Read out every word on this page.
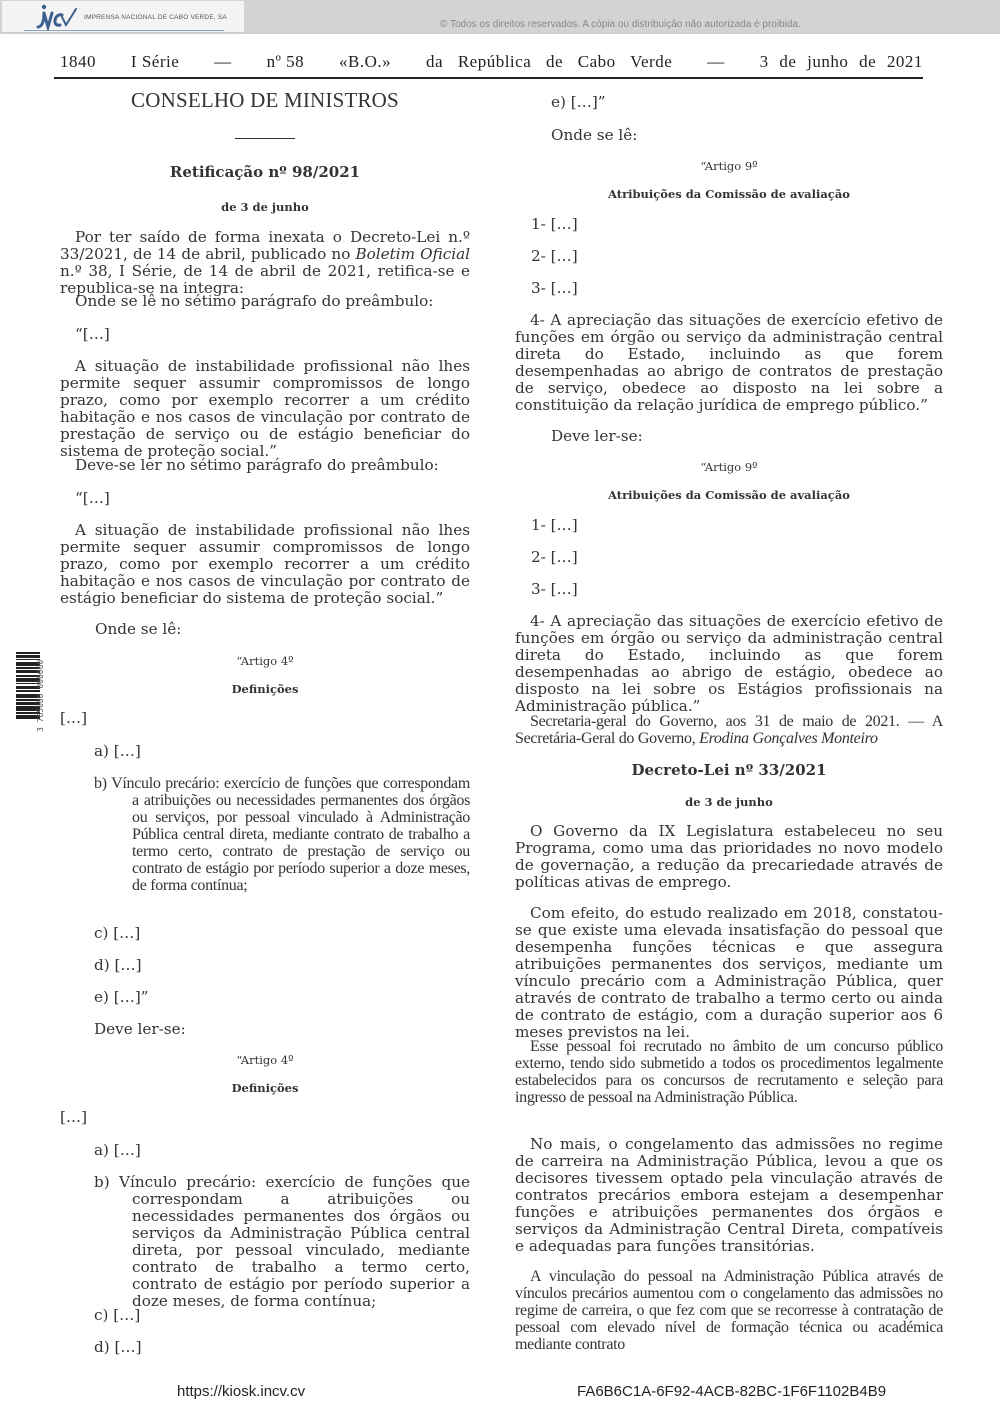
IMPRENSA NACIONAL DE CABO VERDE, SA
© Todos os direitos reservados. A cópia ou distribuição não autorizada é proibida.
1840 I Série — nº 58 «B.O.» da República de Cabo Verde — 3 de junho de 2021
CONSELHO DE MINISTROS
Retificação nº 98/2021
de 3 de junho

Por ter saído de forma inexata o Decreto-Lei n.º 33/2021, de 14 de abril, publicado no Boletim Oficial n.º 38, I Série, de 14 de abril de 2021, retifica-se e republica-se na integra:

Onde se lê no sétimo parágrafo do preâmbulo:

“[…]

A situação de instabilidade profissional não lhes permite sequer assumir compromissos de longo prazo, como por exemplo recorrer a um crédito habitação e nos casos de vinculação por contrato de prestação de serviço ou de estágio beneficiar do sistema de proteção social.”

Deve-se ler no sétimo parágrafo do preâmbulo:

“[…]

A situação de instabilidade profissional não lhes permite sequer assumir compromissos de longo prazo, como por exemplo recorrer a um crédito habitação e nos casos de vinculação por contrato de estágio beneficiar do sistema de proteção social.”

Onde se lê:

“Artigo 4º
Definições

[…]

a) […]

b) Vínculo precário: exercício de funções que correspondam a atribuições ou necessidades permanentes dos órgãos ou serviços, por pessoal vinculado à Administração Pública central direta, mediante contrato de trabalho a termo certo, contrato de prestação de serviço ou contrato de estágio por período superior a doze meses, de forma contínua;

c) […]

d) […]

e) […]”

Deve ler-se:

“Artigo 4º
Definições

[…]

a) […]

b) Vínculo precário: exercício de funções que correspondam a atribuições ou necessidades permanentes dos órgãos ou serviços da Administração Pública central direta, por pessoal vinculado, mediante contrato de trabalho a termo certo, contrato de estágio por período superior a doze meses, de forma contínua;

c) […]

d) […]

e) […]”

Onde se lê:

“Artigo 9º
Atribuições da Comissão de avaliação

1- […]

2- […]

3- […]

4- A apreciação das situações de exercício efetivo de funções em órgão ou serviço da administração central direta do Estado, incluindo as que forem desempenhadas ao abrigo de contratos de prestação de serviço, obedece ao disposto na lei sobre a constituição da relação jurídica de emprego público.”

Deve ler-se:

“Artigo 9º
Atribuições da Comissão de avaliação

1- […]

2- […]

3- […]

4- A apreciação das situações de exercício efetivo de funções em órgão ou serviço da administração central direta do Estado, incluindo as que forem desempenhadas ao abrigo de estágio, obedece ao disposto na lei sobre os Estágios profissionais na Administração pública.”

Secretaria-geral do Governo, aos 31 de maio de 2021. — A Secretária-Geral do Governo, Erodina Gonçalves Monteiro

Decreto-Lei nº 33/2021
de 3 de junho

O Governo da IX Legislatura estabeleceu no seu Programa, como uma das prioridades no novo modelo de governação, a redução da precariedade através de políticas ativas de emprego.

Com efeito, do estudo realizado em 2018, constatou-se que existe uma elevada insatisfação do pessoal que desempenha funções técnicas e que assegura atribuições permanentes dos serviços, mediante um vínculo precário com a Administração Pública, quer através de contrato de trabalho a termo certo ou ainda de contrato de estágio, com a duração superior aos 6 meses previstos na lei.

Esse pessoal foi recrutado no âmbito de um concurso público externo, tendo sido submetido a todos os procedimentos legalmente estabelecidos para os concursos de recrutamento e seleção para ingresso de pessoal na Administração Pública.

No mais, o congelamento das admissões no regime de carreira na Administração Pública, levou a que os decisores tivessem optado pela vinculação através de contratos precários embora estejam a desempenhar funções e atribuições permanentes dos órgãos e serviços da Administração Central Direta, compatíveis e adequadas para funções transitórias.

A vinculação do pessoal na Administração Pública através de vínculos precários aumentou com o congelamento das admissões no regime de carreira, o que fez com que se recorresse à contratação de pessoal com elevado nível de formação técnica ou académica mediante contrato

3 765000 000000
https://kiosk.incv.cv	FA6B6C1A-6F92-4ACB-82BC-1F6F1102B4B9
